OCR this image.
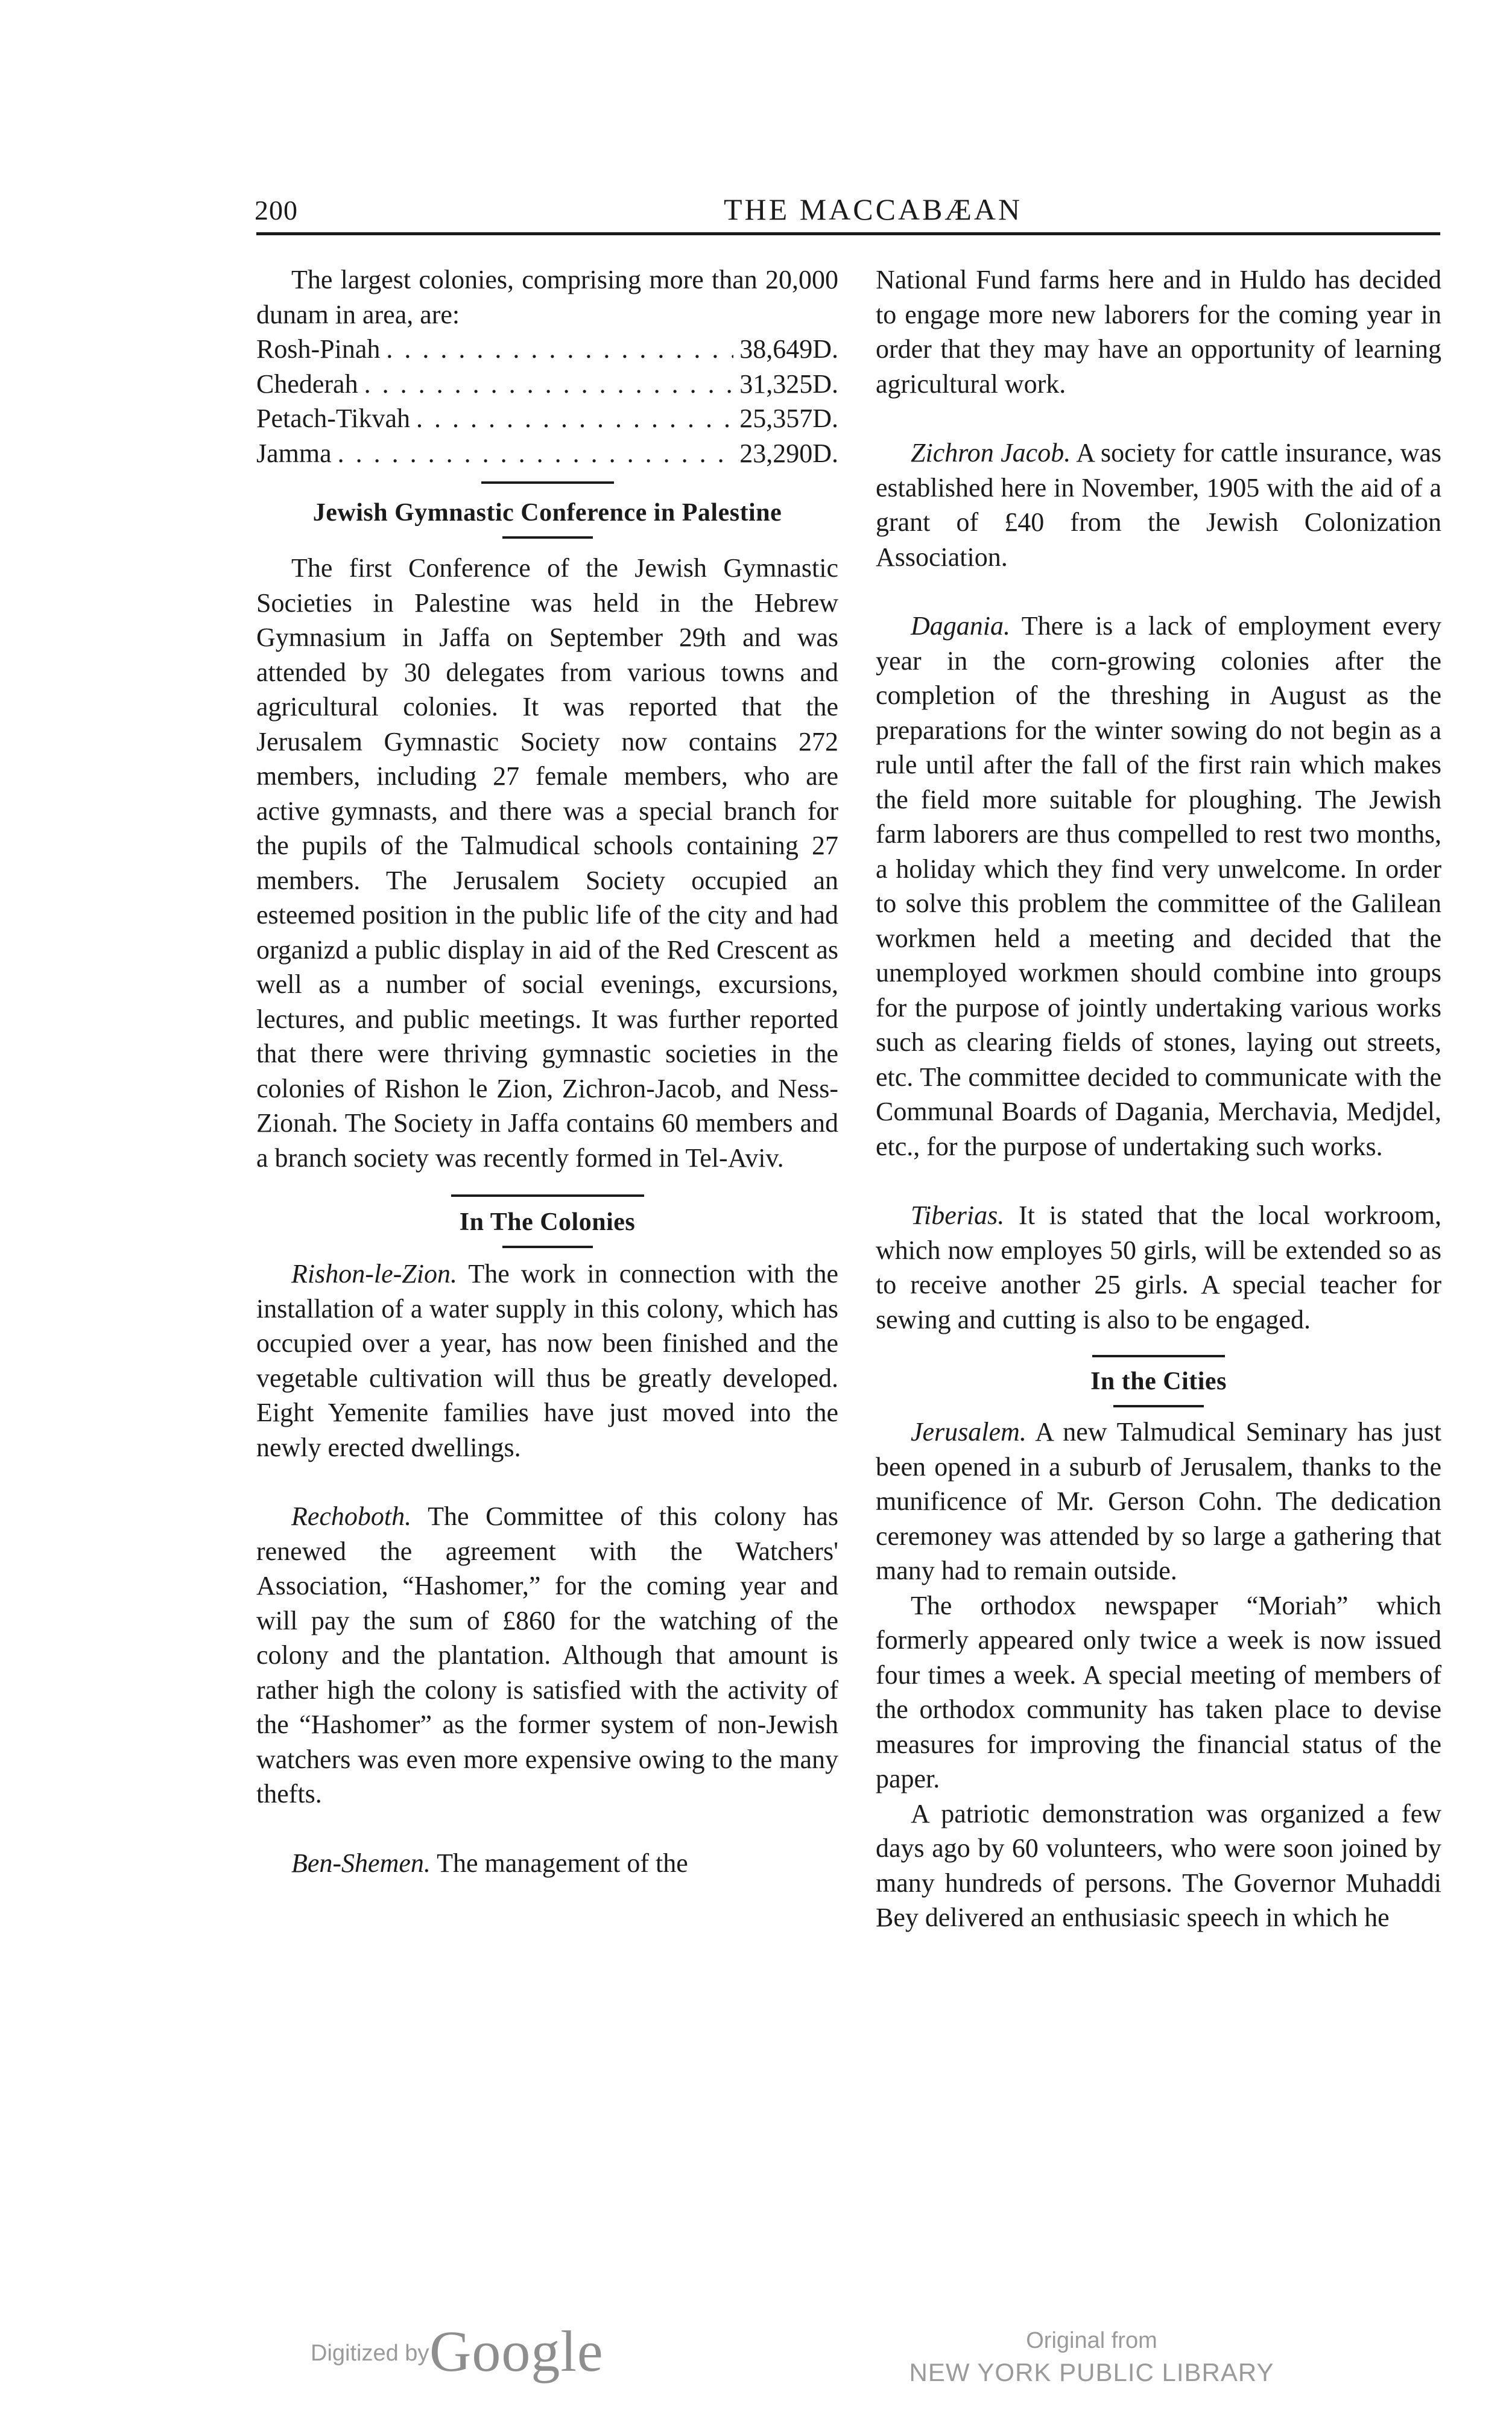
200	THE MACCABÆAN

The largest colonies, comprising more than 20,000 dunam in area, are:

Rosh-Pinah . . .	38,649D.
Chederah . . .	31,325D.
Petach-Tikvah . . .	25,357D.
Jamma . . .	23,290D.

Jewish Gymnastic Conference in Palestine

The first Conference of the Jewish Gymnastic Societies in Palestine was held in the Hebrew Gymnasium in Jaffa on September 29th and was attended by 30 delegates from various towns and agricultural colonies. It was reported that the Jerusalem Gymnastic Society now contains 272 members, including 27 female members, who are active gymnasts, and there was a special branch for the pupils of the Talmudical schools containing 27 members. The Jerusalem Society occupied an esteemed position in the public life of the city and had organizd a public display in aid of the Red Crescent as well as a number of social evenings, excursions, lectures, and public meetings. It was further reported that there were thriving gymnastic societies in the colonies of Rishon le Zion, Zichron-Jacob, and Ness-Zionah. The Society in Jaffa contains 60 members and a branch society was recently formed in Tel-Aviv.

In The Colonies

Rishon-le-Zion. The work in connection with the installation of a water supply in this colony, which has occupied over a year, has now been finished and the vegetable cultivation will thus be greatly developed. Eight Yemenite families have just moved into the newly erected dwellings.

Rechoboth. The Committee of this colony has renewed the agreement with the Watchers' Association, “Hashomer,” for the coming year and will pay the sum of £860 for the watching of the colony and the plantation. Although that amount is rather high the colony is satisfied with the activity of the “Hashomer” as the former system of non-Jewish watchers was even more expensive owing to the many thefts.

Ben-Shemen. The management of the

National Fund farms here and in Huldo has decided to engage more new laborers for the coming year in order that they may have an opportunity of learning agricultural work.

Zichron Jacob. A society for cattle insurance, was established here in November, 1905 with the aid of a grant of £40 from the Jewish Colonization Association.

Dagania. There is a lack of employment every year in the corn-growing colonies after the completion of the threshing in August as the preparations for the winter sowing do not begin as a rule until after the fall of the first rain which makes the field more suitable for ploughing. The Jewish farm laborers are thus compelled to rest two months, a holiday which they find very unwelcome. In order to solve this problem the committee of the Galilean workmen held a meeting and decided that the unemployed workmen should combine into groups for the purpose of jointly undertaking various works such as clearing fields of stones, laying out streets, etc. The committee decided to communicate with the Communal Boards of Dagania, Merchavia, Medjdel, etc., for the purpose of undertaking such works.

Tiberias. It is stated that the local workroom, which now employes 50 girls, will be extended so as to receive another 25 girls. A special teacher for sewing and cutting is also to be engaged.

In the Cities

Jerusalem. A new Talmudical Seminary has just been opened in a suburb of Jerusalem, thanks to the munificence of Mr. Gerson Cohn. The dedication ceremoney was attended by so large a gathering that many had to remain outside.

The orthodox newspaper “Moriah” which formerly appeared only twice a week is now issued four times a week. A special meeting of members of the orthodox community has taken place to devise measures for improving the financial status of the paper.

A patriotic demonstration was organized a few days ago by 60 volunteers, who were soon joined by many hundreds of persons. The Governor Muhaddi Bey delivered an enthusiasic speech in which he

Digitized by Google	Original from
NEW YORK PUBLIC LIBRARY
